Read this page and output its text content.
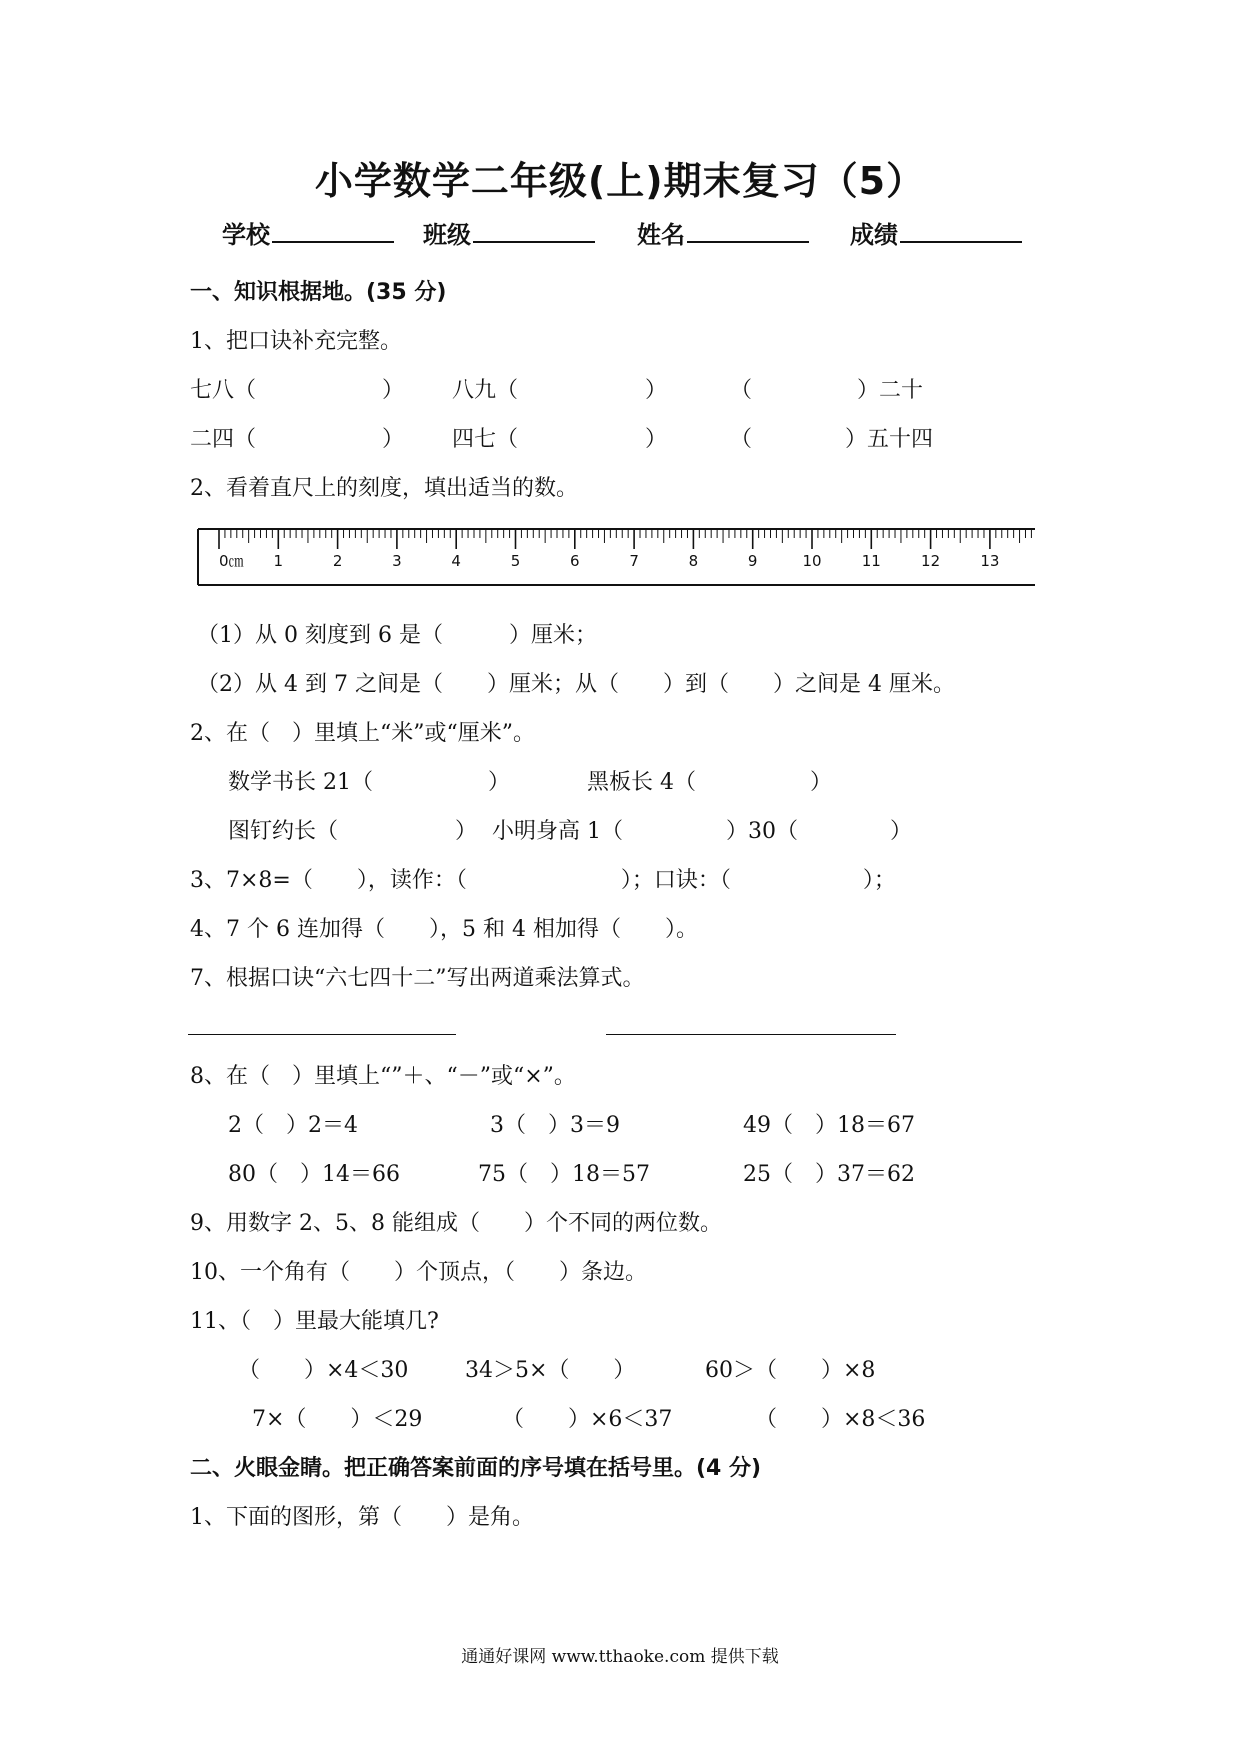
小学数学二年级(上)期末复习（5）
学校	班级	姓名	成绩
一、知识根据地。(35 分)
1、把口诀补充完整。
七八（	） 八九（	）	（	）二十
二四（	） 四七（	）	（	）五十四
2、看着直尺上的刻度，填出适当的数。
0㎝ 1	2	3	4	5	6	7	8	9	10	11	12	13
（1）从 0 刻度到 6 是（　　　）厘米；
（2）从 4 到 7 之间是（　　）厘米；从（　　）到（　　）之间是 4 厘米。
2、在（　）里填上“米”或“厘米”。
数学书长 21（	）	黑板长 4（	）
图钉约长（	） 小明身高 1（	）30（	）
3、7×8=（　　），读作：（　　　　　　　）；口诀：（　　　　　　）；
4、7 个 6 连加得（　　），5 和 4 相加得（　　）。
7、根据口诀“六七四十二”写出两道乘法算式。
8、在（　）里填上“”＋、“－”或“×”。
2（　）2＝4	3（　）3＝9	49（　）18＝67
80（　）14＝66	75（　）18＝57	25（　）37＝62
9、用数字 2、5、8 能组成（　　）个不同的两位数。
10、一个角有（　　）个顶点，（　　）条边。
11、（　）里最大能填几?
（　　）×4＜30	34＞5×（　　）	60＞（　　）×8
7×（　　）＜29	（　　）×6＜37	（　　）×8＜36
二、火眼金睛。把正确答案前面的序号填在括号里。(4 分)
1、下面的图形，第（　　）是角。
通通好课网 www.tthaoke.com 提供下载
